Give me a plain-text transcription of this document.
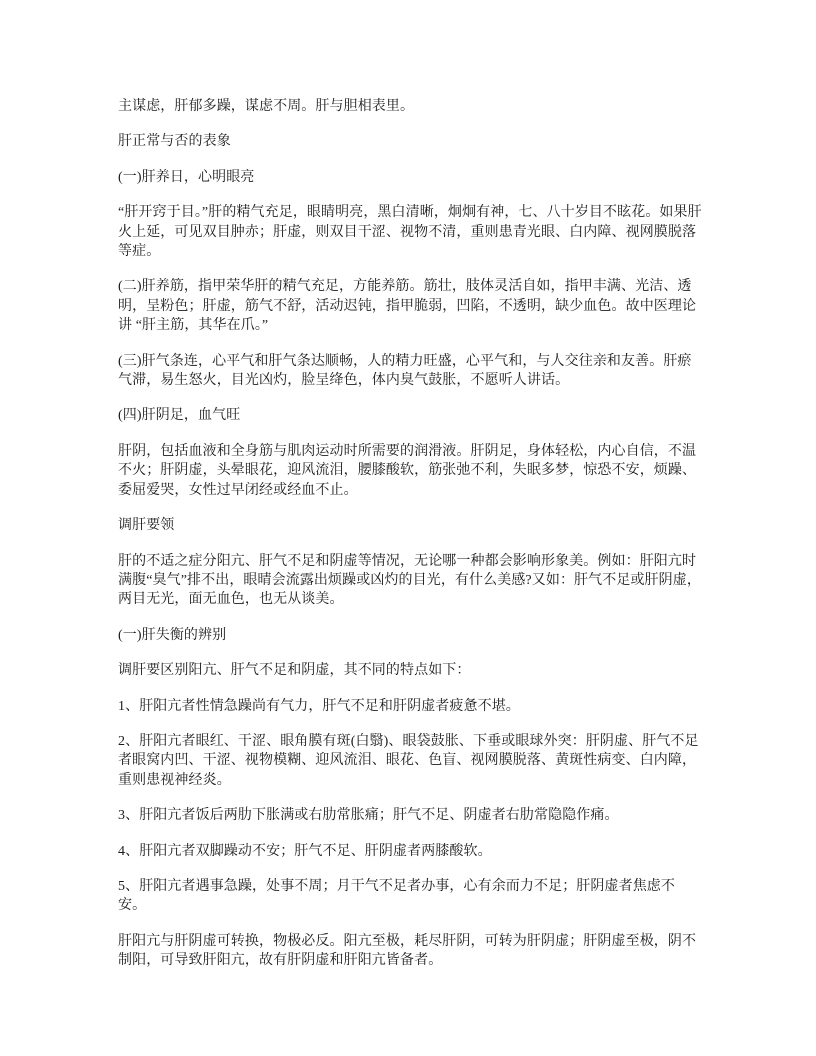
主谋虑，肝郁多躁，谋虑不周。肝与胆相表里。

肝正常与否的表象

(一)肝养日，心明眼亮

“肝开窍于目。”肝的精气充足，眼睛明亮，黑白清晰，炯炯有神，七、八十岁目不眩花。如果肝火上延，可见双目肿赤；肝虚，则双目干涩、视物不清，重则患青光眼、白内障、视网膜脱落等症。

(二)肝养筋，指甲荣华肝的精气充足，方能养筋。筋壮，肢体灵活自如，指甲丰满、光洁、透明，呈粉色；肝虚，筋气不舒，活动迟钝，指甲脆弱，凹陷，不透明，缺少血色。故中医理论讲 “肝主筋，其华在爪。”

(三)肝气条连，心平气和肝气条达顺畅，人的精力旺盛，心平气和，与人交往亲和友善。肝瘀气滞，易生怒火，目光凶灼，脸呈绛色，体内臭气鼓胀，不愿听人讲话。

(四)肝阴足，血气旺

肝阴，包括血液和全身筋与肌肉运动时所需要的润滑液。肝阴足，身体轻松，内心自信，不温不火；肝阴虚，头晕眼花，迎风流泪，腰膝酸软，筋张弛不利，失眠多梦，惊恐不安，烦躁、委屈爱哭，女性过早闭经或经血不止。

调肝要领

肝的不适之症分阳亢、肝气不足和阴虚等情况，无论哪一种都会影响形象美。例如：肝阳亢时满腹“臭气”排不出，眼晴会流露出烦躁或凶灼的目光，有什么美感?又如：肝气不足或肝阴虚，两目无光，面无血色，也无从谈美。

(一)肝失衡的辨别

调肝要区别阳亢、肝气不足和阴虚，其不同的特点如下：

1、肝阳亢者性情急躁尚有气力，肝气不足和肝阴虚者疲惫不堪。

2、肝阳亢者眼红、干涩、眼角膜有斑(白翳)、眼袋鼓胀、下垂或眼球外突：肝阴虚、肝气不足者眼窝内凹、干涩、视物模糊、迎风流泪、眼花、色盲、视网膜脱落、黄斑性病变、白内障，重则患视神经炎。

3、肝阳亢者饭后两肋下胀满或右肋常胀痛；肝气不足、阴虚者右肋常隐隐作痛。

4、肝阳亢者双脚躁动不安；肝气不足、肝阴虚者两膝酸软。

5、肝阳亢者遇事急躁，处事不周；月干气不足者办事，心有余而力不足；肝阴虚者焦虑不安。

肝阳亢与肝阴虚可转换，物极必反。阳亢至极，耗尽肝阴，可转为肝阴虚；肝阴虚至极，阴不制阳，可导致肝阳亢，故有肝阴虚和肝阳亢皆备者。
